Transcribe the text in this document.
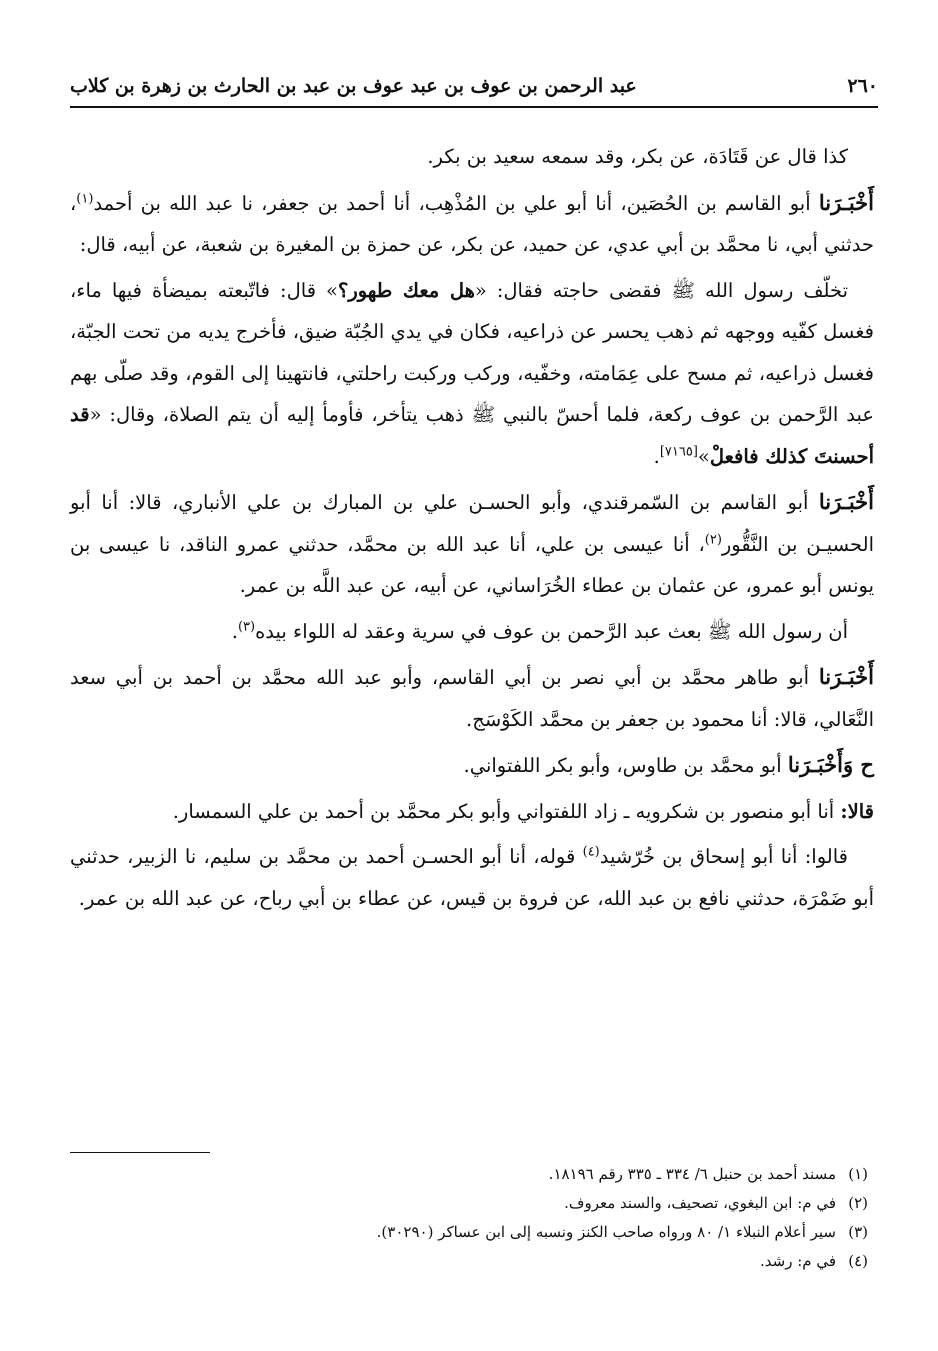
٢٦٠
عبد الرحمن بن عوف بن عبد عوف بن عبد بن الحارث بن زهرة بن كلاب

كذا قال عن قَتَادَة، عن بكر، وقد سمعه سعيد بن بكر.

أَخْبَـرَنا أبو القاسم بن الحُصَين، أنا أبو علي بن المُذْهِب، أنا أحمد بن جعفر، نا عبد الله بن أحمد$^{(١)}$، حدثني أبي، نا محمَّد بن أبي عدي، عن حميد، عن بكر، عن حمزة بن المغيرة بن شعبة، عن أبيه، قال:

تخلّف رسول الله ﷺ فقضى حاجته فقال: «هل معك طهور؟» قال: فاتّبعته بميضأة فيها ماء، فغسل كفّيه ووجهه ثم ذهب يحسر عن ذراعيه، فكان في يدي الجُبّة ضيق، فأخرج يديه من تحت الجبّة، فغسل ذراعيه، ثم مسح على عِمَامته، وخفّيه، وركب وركبت راحلتي، فانتهينا إلى القوم، وقد صلّى بهم عبد الرَّحمن بن عوف ركعة، فلما أحسّ بالنبي ﷺ ذهب يتأخر، فأومأ إليه أن يتم الصلاة، وقال: «قد أحسنتَ كذلك فافعلْ»[٧١٦٥].

أَخْبَـرَنا أبو القاسم بن السّمرقندي، وأبو الحسـن علي بن المبارك بن علي الأنباري، قالا: أنا أبو الحسيـن بن النَّقُّور$^{(٢)}$، أنا عيسى بن علي، أنا عبد الله بن محمَّد، حدثني عمرو الناقد، نا عيسى بن يونس أبو عمرو، عن عثمان بن عطاء الخُرَاساني، عن أبيه، عن عبد اللَّه بن عمر.

أن رسول الله ﷺ بعث عبد الرَّحمن بن عوف في سرية وعقد له اللواء بيده$^{(٣)}$.

أَخْبَـرَنا أبو طاهر محمَّد بن أبي نصر بن أبي القاسم، وأبو عبد الله محمَّد بن أحمد بن أبي سعد النَّعَالي، قالا: أنا محمود بن جعفر بن محمَّد الكَوْسَج.

ح وَأَخْبَـرَنا أبو محمَّد بن طاوس، وأبو بكر اللفتواني.

قالا: أنا أبو منصور بن شكرويه ـ زاد اللفتواني وأبو بكر محمَّد بن أحمد بن علي السمسار.

قالوا: أنا أبو إسحاق بن خُرّشيد$^{(٤)}$ قوله، أنا أبو الحسـن أحمد بن محمَّد بن سليم، نا الزبير، حدثني أبو ضَمْرَة، حدثني نافع بن عبد الله، عن فروة بن قيس، عن عطاء بن أبي رباح، عن عبد الله بن عمر.

(١)مسند أحمد بن حنبل ٦/ ٣٣٤ ـ ٣٣٥ رقم ١٨١٩٦.
(٢)في م: ابن البغوي، تصحيف، والسند معروف.
(٣)سير أعلام النبلاء ١/ ٨٠ ورواه صاحب الكنز ونسبه إلى ابن عساكر (٣٠٢٩٠).
(٤)في م: رشد.
